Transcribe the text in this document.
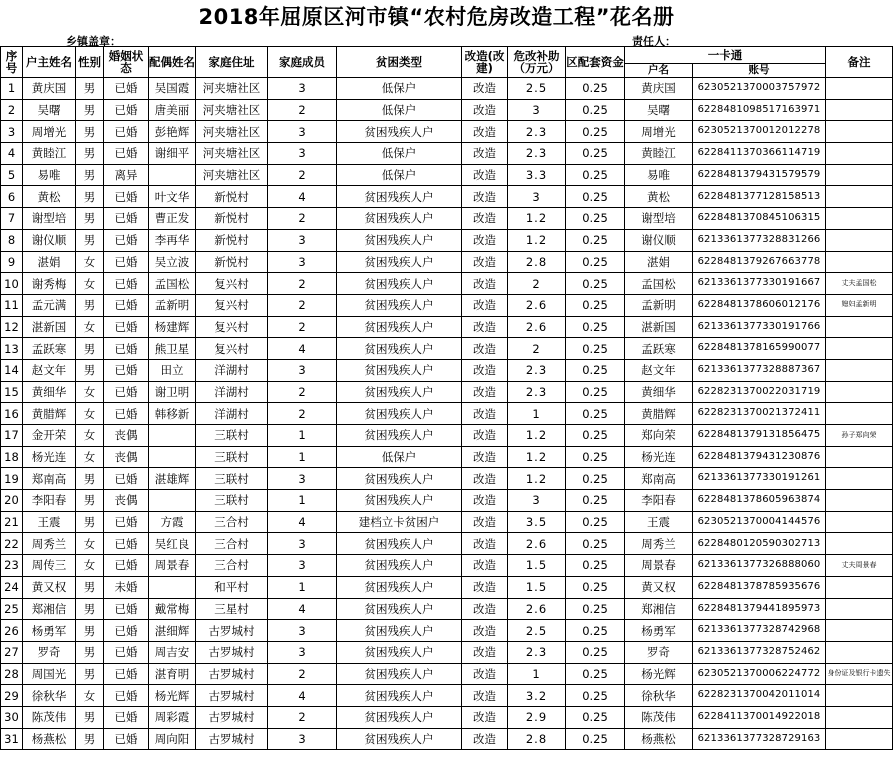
2018年屈原区河市镇“农村危房改造工程”花名册
乡镇盖章：	责任人：
序号	户主姓名	性别	婚姻状态	配偶姓名	家庭住址	家庭成员	贫困类型	改造(改建)	危改补助（万元）	区配套资金	一卡通		备注
											户名	账号	
1	黄庆国	男	已婚	吴国霞	河夹塘社区	3	低保户	改造	2.5	0.25	黄庆国	6230521370003757972	
2	吴曙	男	已婚	唐美丽	河夹塘社区	2	低保户	改造	3	0.25	吴曙	6228481098517163971	
3	周增光	男	已婚	彭艳辉	河夹塘社区	3	贫困残疾人户	改造	2.3	0.25	周增光	6230521370012012278	
4	黄睦江	男	已婚	谢细平	河夹塘社区	3	低保户	改造	2.3	0.25	黄睦江	6228411370366114719	
5	易唯	男	离异		河夹塘社区	2	低保户	改造	3.3	0.25	易唯	6228481379431579579	
6	黄松	男	已婚	叶文华	新悦村	4	贫困残疾人户	改造	3	0.25	黄松	6228481377128158513	
7	谢型培	男	已婚	曹正发	新悦村	2	贫困残疾人户	改造	1.2	0.25	谢型培	6228481370845106315	
8	谢仪顺	男	已婚	李再华	新悦村	3	贫困残疾人户	改造	1.2	0.25	谢仪顺	6213361377328831266	
9	湛娟	女	已婚	吴立波	新悦村	3	贫困残疾人户	改造	2.8	0.25	湛娟	6228481379267663778	
10	谢秀梅	女	已婚	孟国松	复兴村	2	贫困残疾人户	改造	2	0.25	孟国松	6213361377330191667	丈夫孟国松
11	孟元满	男	已婚	孟新明	复兴村	2	贫困残疾人户	改造	2.6	0.25	孟新明	6228481378606012176	媳妇孟新明
12	湛新国	女	已婚	杨建辉	复兴村	2	贫困残疾人户	改造	2.6	0.25	湛新国	6213361377330191766	
13	孟跃寒	男	已婚	熊卫星	复兴村	4	贫困残疾人户	改造	2	0.25	孟跃寒	6228481378165990077	
14	赵文年	男	已婚	田立	洋湖村	3	贫困残疾人户	改造	2.3	0.25	赵文年	6213361377328887367	
15	黄细华	女	已婚	谢卫明	洋湖村	2	贫困残疾人户	改造	2.3	0.25	黄细华	6228231370022031719	
16	黄腊辉	女	已婚	韩移新	洋湖村	2	贫困残疾人户	改造	1	0.25	黄腊辉	6228231370021372411	
17	金开荣	女	丧偶		三联村	1	贫困残疾人户	改造	1.2	0.25	郑向荣	6228481379131856475	孙子郑向荣
18	杨光连	女	丧偶		三联村	1	低保户	改造	1.2	0.25	杨光连	6228481379431230876	
19	郑南高	男	已婚	湛雄辉	三联村	3	贫困残疾人户	改造	1.2	0.25	郑南高	6213361377330191261	
20	李阳春	男	丧偶		三联村	1	贫困残疾人户	改造	3	0.25	李阳春	6228481378605963874	
21	王震	男	已婚	方霞	三合村	4	建档立卡贫困户	改造	3.5	0.25	王震	6230521370004144576	
22	周秀兰	女	已婚	吴红良	三合村	3	贫困残疾人户	改造	2.6	0.25	周秀兰	6228480120590302713	
23	周传三	女	已婚	周景春	三合村	3	贫困残疾人户	改造	1.5	0.25	周景春	6213361377326888060	丈夫周景春
24	黄又权	男	未婚		和平村	1	贫困残疾人户	改造	1.5	0.25	黄又权	6228481378785935676	
25	郑湘信	男	已婚	戴常梅	三星村	4	贫困残疾人户	改造	2.6	0.25	郑湘信	6228481379441895973	
26	杨勇军	男	已婚	湛细辉	古罗城村	3	贫困残疾人户	改造	2.5	0.25	杨勇军	6213361377328742968	
27	罗奇	男	已婚	周吉安	古罗城村	3	贫困残疾人户	改造	2.3	0.25	罗奇	6213361377328752462	
28	周国光	男	已婚	湛育明	古罗城村	2	贫困残疾人户	改造	1	0.25	杨光辉	6230521370006224772	身份证及银行卡遗失
29	徐秋华	女	已婚	杨光辉	古罗城村	4	贫困残疾人户	改造	3.2	0.25	徐秋华	6228231370042011014	
30	陈茂伟	男	已婚	周彩霞	古罗城村	2	贫困残疾人户	改造	2.9	0.25	陈茂伟	6228411370014922018	
31	杨燕松	男	已婚	周向阳	古罗城村	3	贫困残疾人户	改造	2.8	0.25	杨燕松	6213361377328729163	
